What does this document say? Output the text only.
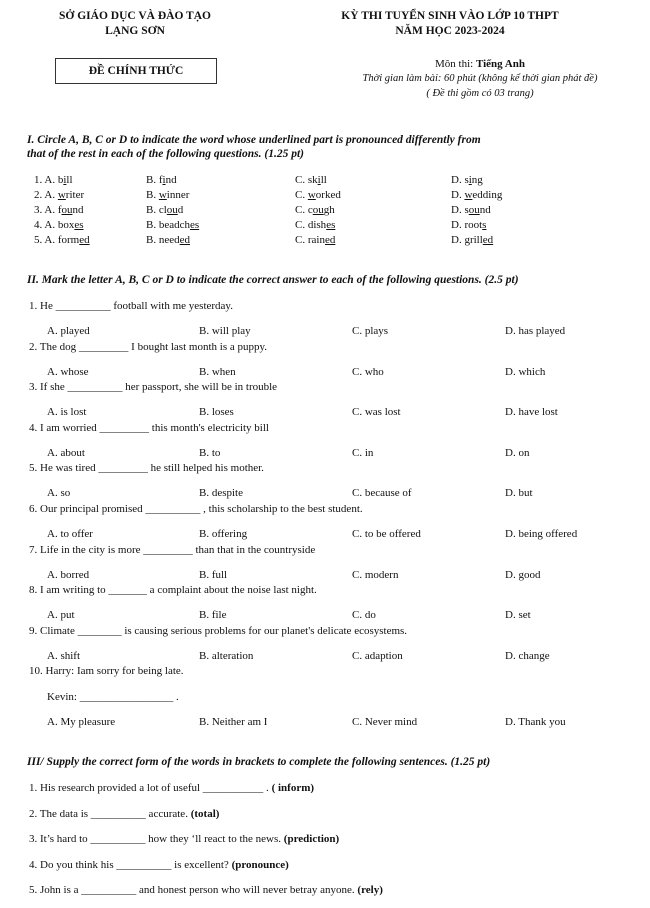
SỞ GIÁO DỤC VÀ ĐÀO TẠO
LẠNG SƠN
KỲ THI TUYỂN SINH VÀO LỚP 10 THPT
NĂM HỌC 2023-2024
ĐỀ CHÍNH THỨC
Môn thi: Tiếng Anh
Thời gian làm bài: 60 phút (không kể thời gian phát đề)
( Đề thi gồm có 03 trang)
I. Circle A, B, C or D to indicate the word whose underlined part is pronounced differently from
that of the rest in each of the following questions. (1.25 pt)
1. A. bill	B. find	C. skill	D. sing
2. A. writer	B. winner	C. worked	D. wedding
3. A. found	B. cloud	C. cough	D. sound
4. A. boxes	B. beadches	C. dishes	D. roots
5. A. formed	B. needed	C. rained	D. grilled
II. Mark the letter A, B, C or D to indicate the correct answer to each of the following questions. (2.5 pt)
1. He __________ football with me yesterday.
A. played	B. will play	C. plays	D. has played
2. The dog _________ I bought last month is a puppy.
A. whose	B. when	C. who	D. which
3. If she __________ her passport, she will be in trouble
A. is lost	B. loses	C. was lost	D. have lost
4. I am worried _________ this month's electricity bill
A. about	B. to	C. in	D. on
5. He was tired _________ he still helped his mother.
A. so	B. despite	C. because of	D. but
6. Our principal promised __________ , this scholarship to the best student.
A. to offer	B. offering	C. to be offered	D. being offered
7. Life in the city is more _________ than that in the countryside
A. borred	B. full	C. modern	D. good
8. I am writing to _______ a complaint about the noise last night.
A. put	B. file	C. do	D. set
9. Climate ________ is causing serious problems for our planet's delicate ecosystems.
A. shift	B. alteration	C. adaption	D. change
10. Harry: Iam sorry for being late.
Kevin: _________________ .
A. My pleasure	B. Neither am I	C. Never mind	D. Thank you
III/ Supply the correct form of the words in brackets to complete the following sentences. (1.25 pt)
1. His research provided a lot of useful ___________ . ( inform)
2. The data is __________ accurate. (total)
3. It’s hard to __________ how they ‘ll react to the news. (prediction)
4. Do you think his __________ is excellent? (pronounce)
5. John is a __________ and honest person who will never betray anyone. (rely)
